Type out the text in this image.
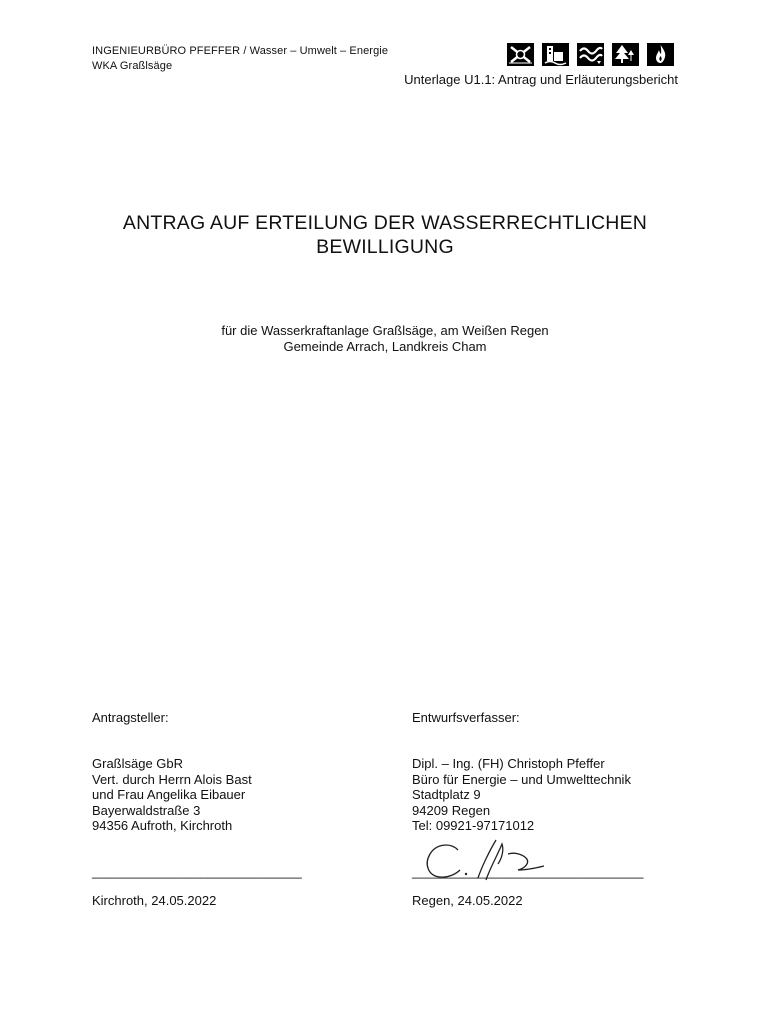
INGENIEURBÜRO PFEFFER / Wasser – Umwelt – Energie
WKA Graßlsäge
Unterlage U1.1: Antrag und Erläuterungsbericht
ANTRAG AUF ERTEILUNG DER WASSERRECHTLICHEN
BEWILLIGUNG
für die Wasserkraftanlage Graßlsäge, am Weißen Regen
Gemeinde Arrach, Landkreis Cham
Antragsteller:
Graßlsäge GbR
Vert. durch Herrn Alois Bast
und Frau Angelika Eibauer
Bayerwaldstraße 3
94356 Aufroth, Kirchroth
_____________________________
Kirchroth, 24.05.2022
Entwurfsverfasser:
Dipl. – Ing. (FH) Christoph Pfeffer
Büro für Energie – und Umwelttechnik
Stadtplatz 9
94209 Regen
Tel: 09921-97171012
________________________________
Regen, 24.05.2022
